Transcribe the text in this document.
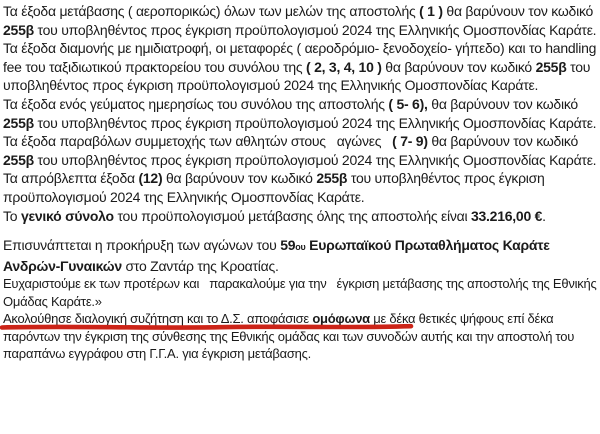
Τα έξοδα μετάβασης ( αεροπορικώς) όλων των μελών της αποστολής ( 1 ) θα βαρύνουν τον κωδικό 255β του υποβληθέντος προς έγκριση προϋπολογισμού 2024 της Ελληνικής Ομοσπονδίας Καράτε.
Τα έξοδα διαμονής με ημιδιατροφή, οι μεταφορές ( αεροδρόμιο- ξενοδοχείο- γήπεδο) και το handling fee του ταξιδιωτικού πρακτορείου του συνόλου της ( 2, 3, 4, 10 ) θα βαρύνουν τον κωδικό 255β του υποβληθέντος προς έγκριση προϋπολογισμού 2024 της Ελληνικής Ομοσπονδίας Καράτε.
Τα έξοδα ενός γεύματος ημερησίως του συνόλου της αποστολής ( 5- 6), θα βαρύνουν τον κωδικό 255β του υποβληθέντος προς έγκριση προϋπολογισμού 2024 της Ελληνικής Ομοσπονδίας Καράτε.
Τα έξοδα παραβόλων συμμετοχής των αθλητών στους   αγώνες   ( 7- 9) θα βαρύνουν τον κωδικό 255β του υποβληθέντος προς έγκριση προϋπολογισμού 2024 της Ελληνικής Ομοσπονδίας Καράτε.
Τα απρόβλεπτα έξοδα (12) θα βαρύνουν τον κωδικό 255β του υποβληθέντος προς έγκριση προϋπολογισμού 2024 της Ελληνικής Ομοσπονδίας Καράτε.
Το γενικό σύνολο του προϋπολογισμού μετάβασης όλης της αποστολής είναι 33.216,00 €.
Επισυνάπτεται η προκήρυξη των αγώνων του 59ου Ευρωπαϊκού Πρωταθλήματος Καράτε Ανδρών-Γυναικών στο Ζαντάρ της Κροατίας.
Ευχαριστούμε εκ των προτέρων και   παρακαλούμε για την   έγκριση μετάβασης της αποστολής της Εθνικής Ομάδας Καράτε.»
Ακολούθησε διαλογική συζήτηση και το Δ.Σ. αποφάσισε ομόφωνα με δέκα θετικές ψήφους επί δέκα παρόντων την έγκριση της σύνθεσης της Εθνικής ομάδας και των συνοδών αυτής και την αποστολή του παραπάνω εγγράφου στη Γ.Γ.Α. για έγκριση μετάβασης.
